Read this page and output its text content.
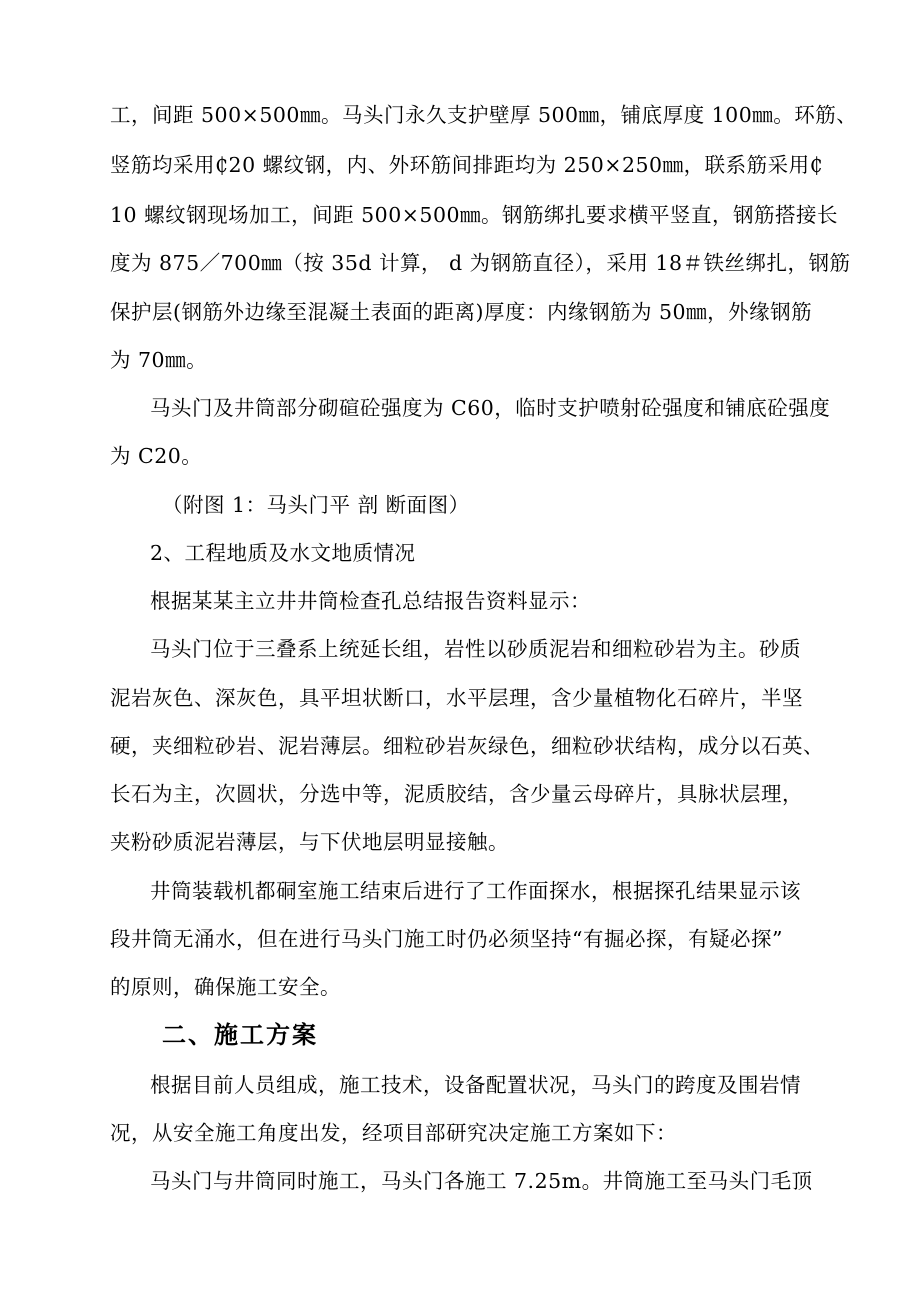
工，间距 500×500㎜。马头门永久支护壁厚 500㎜，铺底厚度 100㎜。环筋、
竖筋均采用₵20 螺纹钢，内、外环筋间排距均为 250×250㎜，联系筋采用₵
10 螺纹钢现场加工，间距 500×500㎜。钢筋绑扎要求横平竖直，钢筋搭接长
度为 875／700㎜（按 35d 计算， d 为钢筋直径），采用 18＃铁丝绑扎，钢筋
保护层(钢筋外边缘至混凝土表面的距离)厚度：内缘钢筋为 50㎜，外缘钢筋
为 70㎜。
马头门及井筒部分砌碹砼强度为 C60，临时支护喷射砼强度和铺底砼强度
为 C20。
（附图 1：马头门平 剖 断面图）
2、工程地质及水文地质情况
根据某某主立井井筒检查孔总结报告资料显示：
马头门位于三叠系上统延长组，岩性以砂质泥岩和细粒砂岩为主。砂质
泥岩灰色、深灰色，具平坦状断口，水平层理，含少量植物化石碎片，半坚
硬，夹细粒砂岩、泥岩薄层。细粒砂岩灰绿色，细粒砂状结构，成分以石英、
长石为主，次圆状，分选中等，泥质胶结，含少量云母碎片，具脉状层理，
夹粉砂质泥岩薄层，与下伏地层明显接触。
井筒装载机都硐室施工结束后进行了工作面探水，根据探孔结果显示该
段井筒无涌水，但在进行马头门施工时仍必须坚持“有掘必探，有疑必探”
的原则，确保施工安全。
二、施工方案
根据目前人员组成，施工技术，设备配置状况，马头门的跨度及围岩情
况，从安全施工角度出发，经项目部研究决定施工方案如下：
马头门与井筒同时施工，马头门各施工 7.25m。井筒施工至马头门毛顶
